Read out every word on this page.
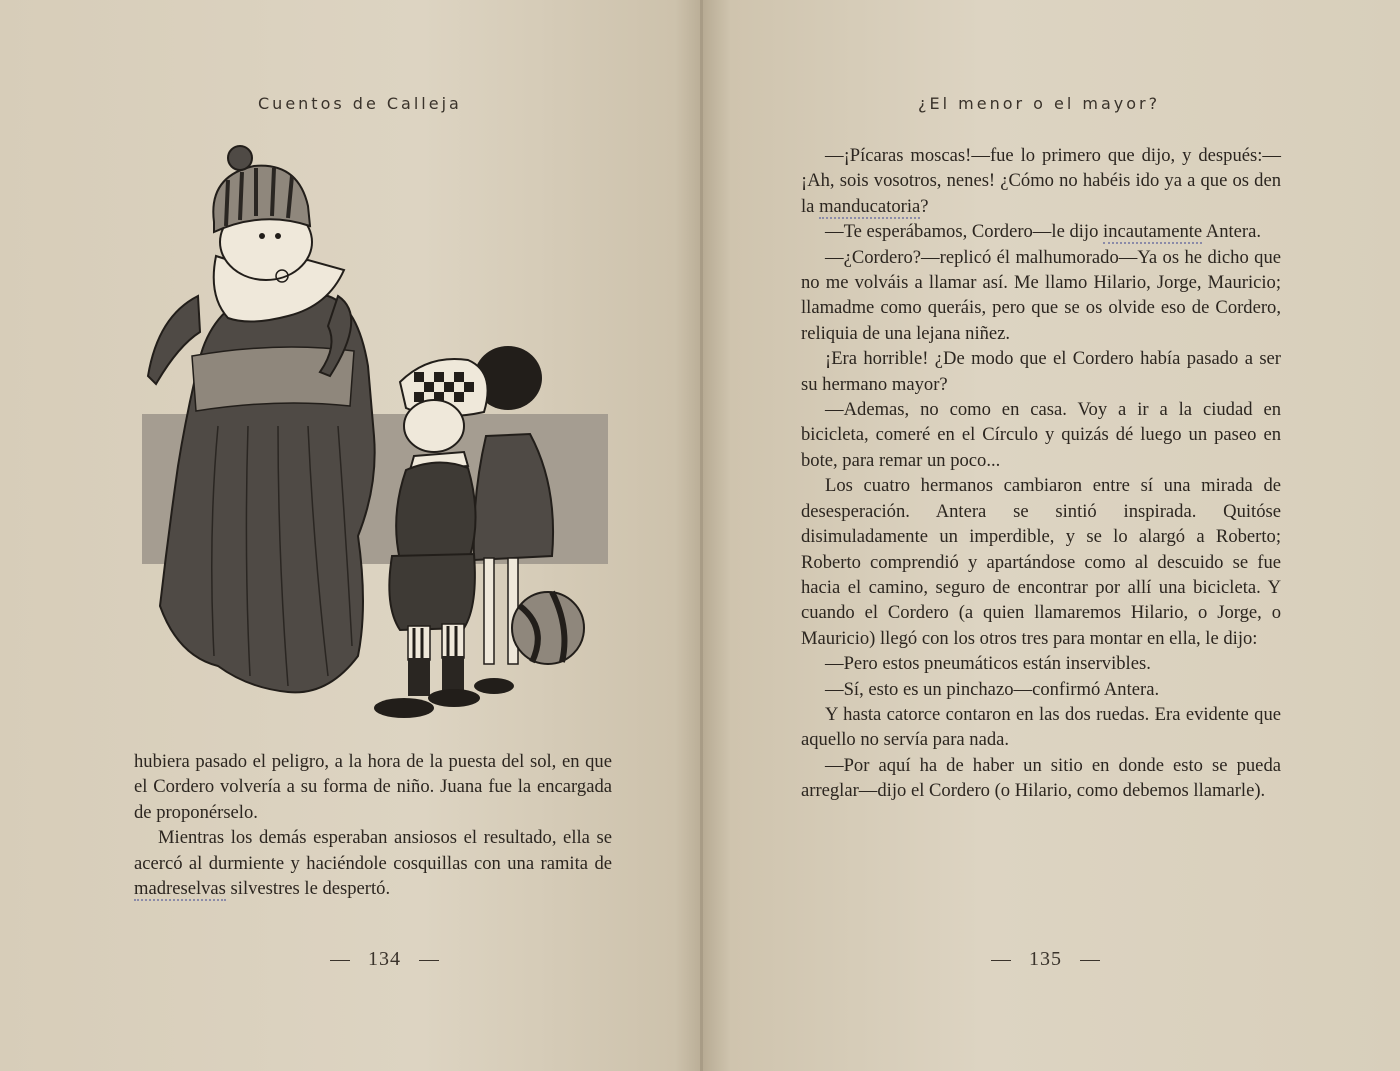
Cuentos de Calleja

hubiera pasado el peligro, a la hora de la puesta del sol, en que el Cordero volvería a su forma de niño. Juana fue la encargada de proponérselo.

Mientras los demás esperaban ansiosos el resultado, ella se acercó al durmiente y haciéndole cosquillas con una ramita de madreselvas silvestres le despertó.

134
¿El menor o el mayor?

—¡Pícaras moscas!—fue lo primero que dijo, y después:—¡Ah, sois vosotros, nenes! ¿Cómo no habéis ido ya a que os den la manducatoria?

—Te esperábamos, Cordero—le dijo incautamente Antera.

—¿Cordero?—replicó él malhumorado—Ya os he dicho que no me volváis a llamar así. Me llamo Hilario, Jorge, Mauricio; llamadme como queráis, pero que se os olvide eso de Cordero, reliquia de una lejana niñez.

¡Era horrible! ¿De modo que el Cordero había pasado a ser su hermano mayor?

—Ademas, no como en casa. Voy a ir a la ciudad en bicicleta, comeré en el Círculo y quizás dé luego un paseo en bote, para remar un poco...

Los cuatro hermanos cambiaron entre sí una mirada de desesperación. Antera se sintió inspirada. Quitóse disimuladamente un imperdible, y se lo alargó a Roberto; Roberto comprendió y apartándose como al descuido se fue hacia el camino, seguro de encontrar por allí una bicicleta. Y cuando el Cordero (a quien llamaremos Hilario, o Jorge, o Mauricio) llegó con los otros tres para montar en ella, le dijo:

—Pero estos pneumáticos están inservibles.

—Sí, esto es un pinchazo—confirmó Antera.

Y hasta catorce contaron en las dos ruedas. Era evidente que aquello no servía para nada.

—Por aquí ha de haber un sitio en donde esto se pueda arreglar—dijo el Cordero (o Hilario, como debemos llamarle).

135
